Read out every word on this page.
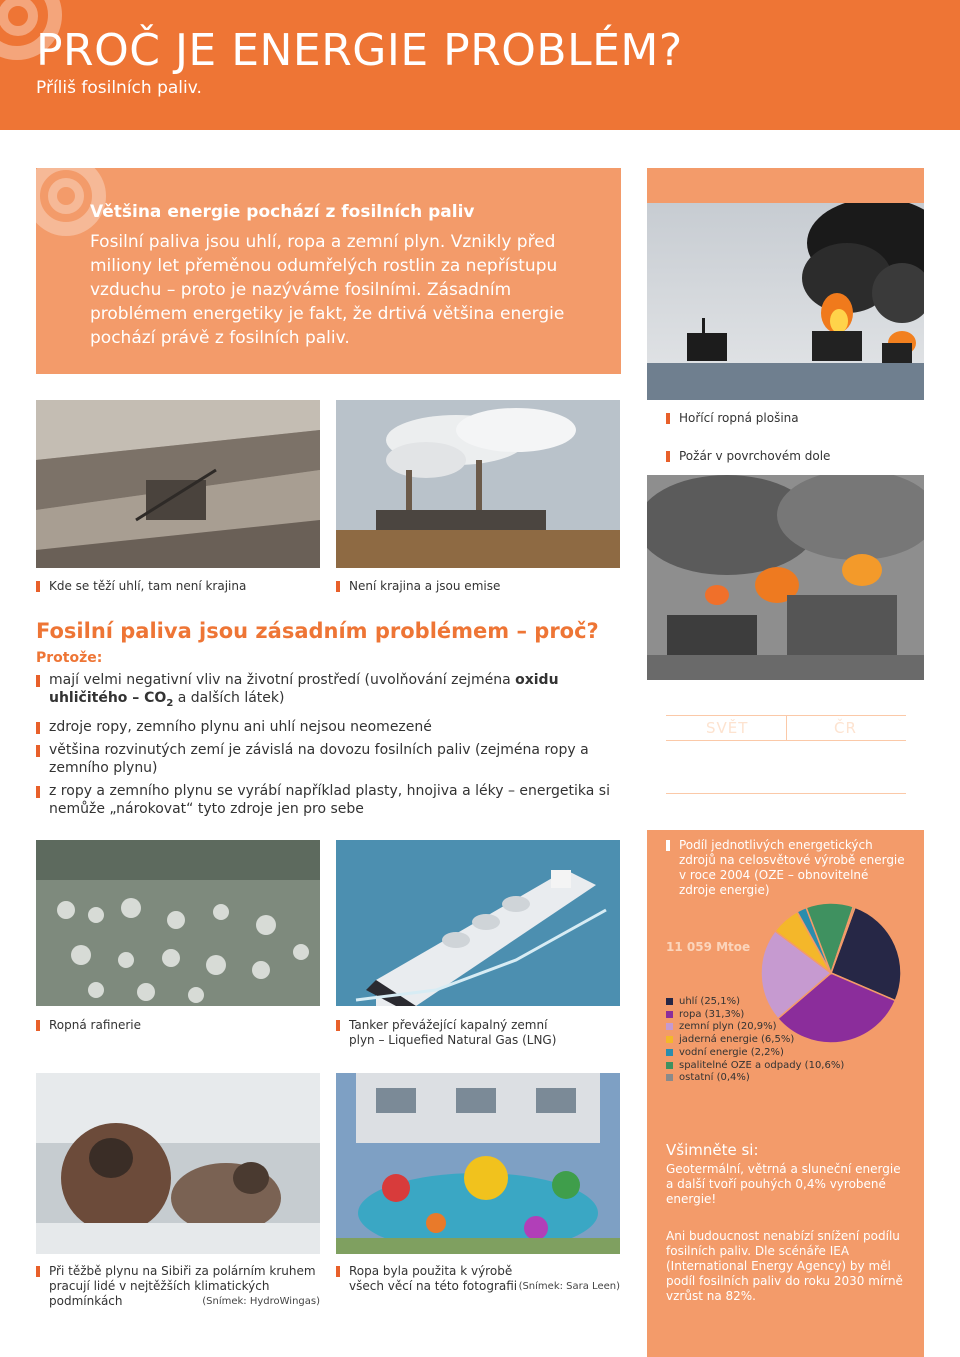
PROČ JE ENERGIE PROBLÉM?
Příliš fosilních paliv.
Většina energie pochází z fosilních paliv
Fosilní paliva jsou uhlí, ropa a zemní plyn. Vznikly před miliony let přeměnou odumřelých rostlin za nepřístupu vzduchu – proto je nazýváme fosilními. Zásadním problémem energetiky je fakt, že drtivá většina energie pochází právě z fosilních paliv.
Hořící ropná plošina
Požár v povrchovém dole
Kde se těží uhlí, tam není krajina	Není krajina a jsou emise
Fosilní paliva jsou zásadním problémem – proč?
Protože:
mají velmi negativní vliv na životní prostředí (uvolňování zejména oxidu uhličitého – $CO_2$ a dalších látek)
zdroje ropy, zemního plynu ani uhlí nejsou neomezené
většina rozvinutých zemí je závislá na dovozu fosilních paliv (zejména ropy a zemního plynu)
z ropy a zemního plynu se vyrábí například plasty, hnojiva a léky – energetika si nemůže „nárokovat“ tyto zdroje jen pro sebe
SVĚT	ČR
80%	84%
veškeré vyrobené energie pochází z fosilních paliv
Ropná rafinerie	Tanker převážející kapalný zemní plyn – Liquefied Natural Gas (LNG)
Podíl jednotlivých energetických zdrojů na celosvětové výrobě energie v roce 2004 (OZE – obnovitelné zdroje energie)
11 059 Mtoe
uhlí (25,1%)
ropa (31,3%)
zemní plyn (20,9%)
jaderná energie (6,5%)
vodní energie (2,2%)
spalitelné OZE a odpady (10,6%)
ostatní (0,4%)
Při těžbě plynu na Sibiři za polárním kruhem pracují lidé v nejtěžších klimatických podmínkách	(Snímek: HydroWingas)
Ropa byla použita k výrobě všech věcí na této fotografii (Snímek: Sara Leen)
Všimněte si:
Geotermální, větrná a sluneční energie a další tvoří pouhých 0,4% vyrobené energie!
Ani budoucnost nenabízí snížení podílu fosilních paliv. Dle scénáře IEA (International Energy Agency) by měl podíl fosilních paliv do roku 2030 mírně vzrůst na 82%.
